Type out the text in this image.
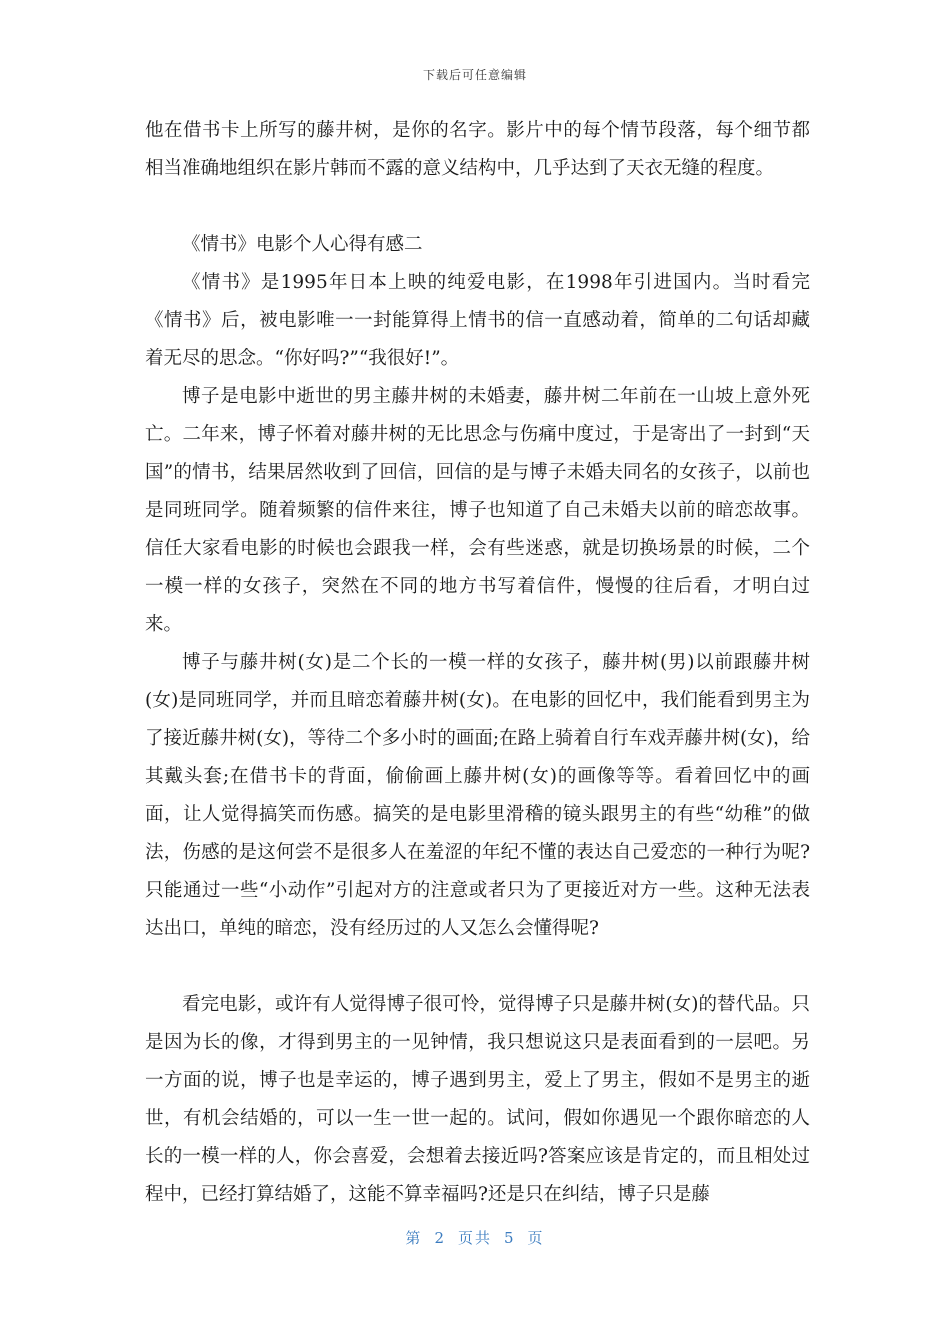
下载后可任意编辑

他在借书卡上所写的藤井树，是你的名字。影片中的每个情节段落，每个细节都相当准确地组织在影片韩而不露的意义结构中，几乎达到了天衣无缝的程度。

《情书》电影个人心得有感二

《情书》是1995年日本上映的纯爱电影，在1998年引进国内。当时看完《情书》后，被电影唯一一封能算得上情书的信一直感动着，简单的二句话却藏着无尽的思念。“你好吗?”“我很好!”。

博子是电影中逝世的男主藤井树的未婚妻，藤井树二年前在一山坡上意外死亡。二年来，博子怀着对藤井树的无比思念与伤痛中度过，于是寄出了一封到“天国”的情书，结果居然收到了回信，回信的是与博子未婚夫同名的女孩子，以前也是同班同学。随着频繁的信件来往，博子也知道了自己未婚夫以前的暗恋故事。信任大家看电影的时候也会跟我一样，会有些迷惑，就是切换场景的时候，二个一模一样的女孩子，突然在不同的地方书写着信件，慢慢的往后看，才明白过来。

博子与藤井树(女)是二个长的一模一样的女孩子，藤井树(男)以前跟藤井树(女)是同班同学，并而且暗恋着藤井树(女)。在电影的回忆中，我们能看到男主为了接近藤井树(女)，等待二个多小时的画面;在路上骑着自行车戏弄藤井树(女)，给其戴头套;在借书卡的背面，偷偷画上藤井树(女)的画像等等。看着回忆中的画面，让人觉得搞笑而伤感。搞笑的是电影里滑稽的镜头跟男主的有些“幼稚”的做法，伤感的是这何尝不是很多人在羞涩的年纪不懂的表达自己爱恋的一种行为呢?只能通过一些“小动作”引起对方的注意或者只为了更接近对方一些。这种无法表达出口，单纯的暗恋，没有经历过的人又怎么会懂得呢?

看完电影，或许有人觉得博子很可怜，觉得博子只是藤井树(女)的替代品。只是因为长的像，才得到男主的一见钟情，我只想说这只是表面看到的一层吧。另一方面的说，博子也是幸运的，博子遇到男主，爱上了男主，假如不是男主的逝世，有机会结婚的，可以一生一世一起的。试问，假如你遇见一个跟你暗恋的人长的一模一样的人，你会喜爱，会想着去接近吗?答案应该是肯定的，而且相处过程中，已经打算结婚了，这能不算幸福吗?还是只在纠结，博子只是藤

第 2 页共 5 页
